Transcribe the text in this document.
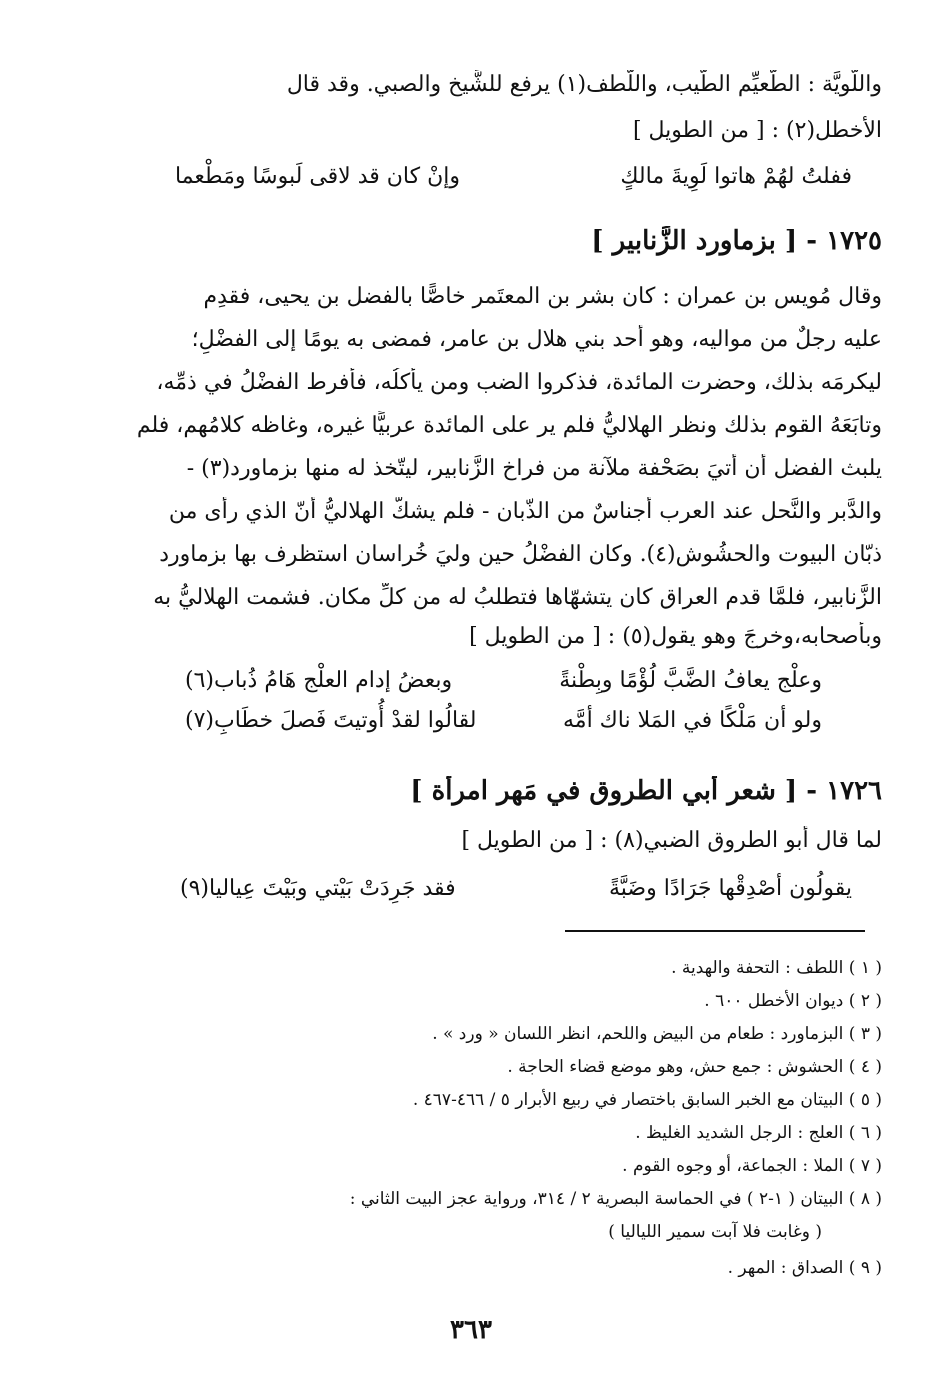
واللَّويَّة : الطُّعيِّم الطَّيب، واللَّطف(١) يرفع للشَّيخ والصبي. وقد قال
الأخطل(٢) : [ من الطويل ]
ففلتُ لهُمْ هاتوا لَوِيةَ مالكٍ
وإنْ كان قد لاقى لَبوسًا ومَطْعما
١٧٢٥ - [ بزماورد الزَّنابير ]
وقال مُويس بن عمران : كان بشر بن المعتَمر خاصًّا بالفضل بن يحيى، فقدِم
عليه رجلٌ من مواليه، وهو أحد بني هلال بن عامر، فمضى به يومًا إلى الفضْلِ؛
ليكرمَه بذلك، وحضرت المائدة، فذكروا الضب ومن يأكلُه، فأفرط الفضْلُ في ذمِّه،
وتابَعَهُ القوم بذلك ونظر الهلاليُّ فلم ير على المائدة عربيًّا غيره، وغاظه كلامُهم، فلم
يلبث الفضل أن أُتيَ بصَحْفة ملآنة من فراخ الزَّنابير، ليتّخذ له منها بزماورد(٣) -
والدَّبر والنَّحل عند العرب أجناسٌ من الذّبان - فلم يشكّ الهلاليُّ أنّ الذي رأى من
ذبّان البيوت والحشُوش(٤). وكان الفضْلُ حين وليَ خُراسان استظرف بها بزماورد
الزَّنابير، فلمَّا قدم العراق كان يتشهّاها فتطلبُ له من كلِّ مكان. فشمت الهلاليُّ به
وبأصحابه،وخرجَ وهو يقول(٥) : [ من الطويل ]
وعلْج يعافُ الضَّبَّ لُؤْمًا وبِطْنةً
وبعضُ إدام العلْج هَامُ ذُباب(٦)
ولو أن مَلْكًا في المَلا ناك أمَّه
لقالُوا لقدْ أُوتيتَ فَصلَ خطَابِ(٧)
١٧٢٦ - [ شعر أبي الطروق في مَهر امرأة ]
لما قال أبو الطروق الضبي(٨) : [ من الطويل ]
يقولُون أصْدِقْها جَرَادًا وضَبَّةً
فقد جَرِدَتْ بَيْتي وبَيْتَ عِياليا(٩)
( ١ ) اللطف : التحفة والهدية .
( ٢ ) ديوان الأخطل ٦٠٠ .
( ٣ ) البزماورد : طعام من البيض واللحم، انظر اللسان « ورد » .
( ٤ ) الحشوش : جمع حش، وهو موضع قضاء الحاجة .
( ٥ ) البيتان مع الخبر السابق باختصار في ربيع الأبرار ٥ / ٤٦٦-٤٦٧ .
( ٦ ) العلج : الرجل الشديد الغليظ .
( ٧ ) الملا : الجماعة، أو وجوه القوم .
( ٨ ) البيتان ( ١-٢ ) في الحماسة البصرية ٢ / ٣١٤، ورواية عجز البيت الثاني :
( وغابت فلا آبت سمير اللياليا )
( ٩ ) الصداق : المهر .
٣٦٣
